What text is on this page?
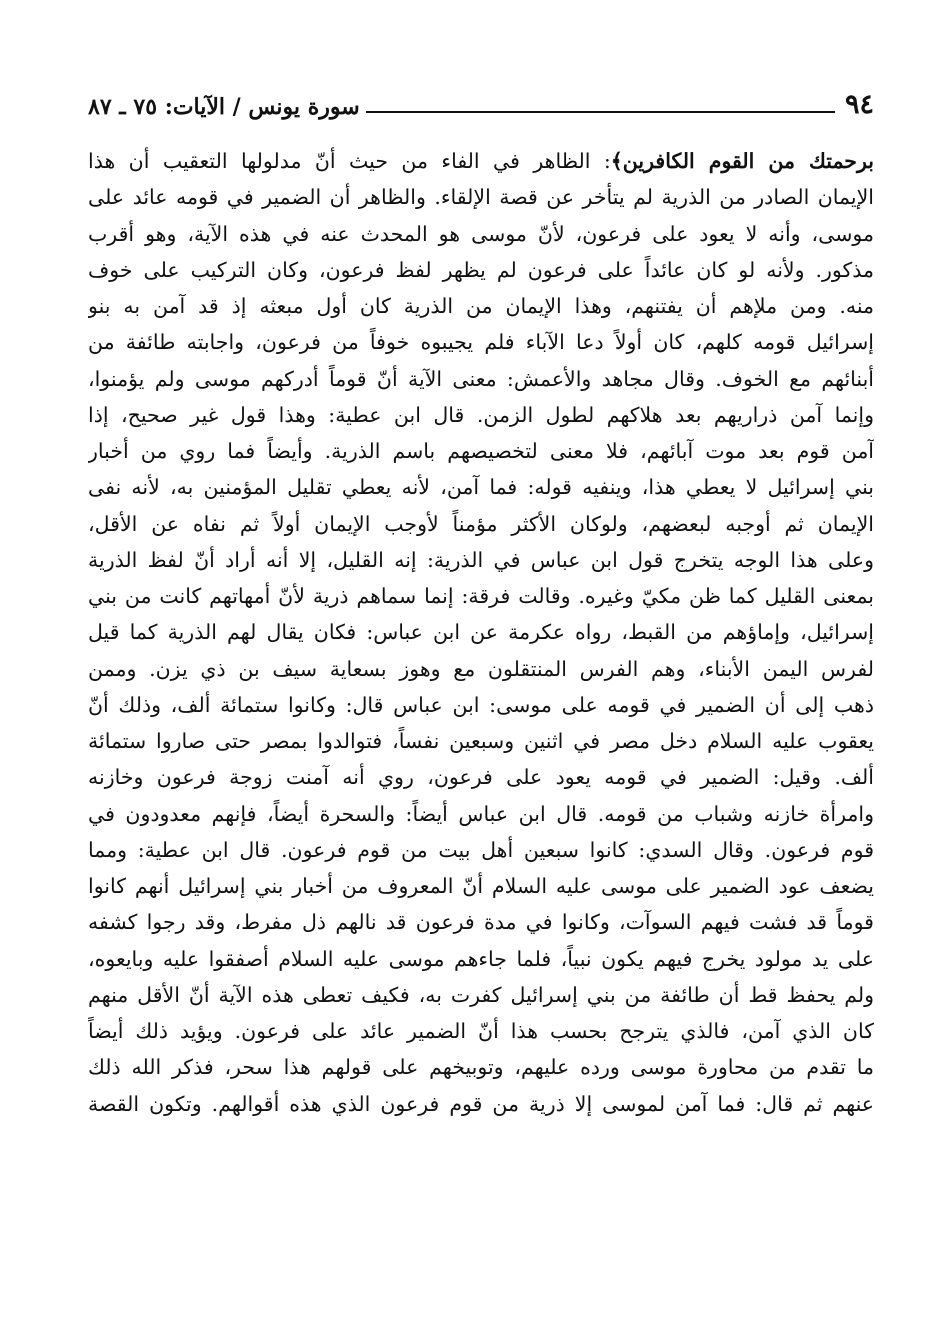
٩٤
سورة يونس / الآيات: ٧٥ ـ ٨٧
برحمتك من القوم الكافرين﴾: الظاهر في الفاء من حيث أنّ مدلولها التعقيب أن هذا
الإيمان الصادر من الذرية لم يتأخر عن قصة الإلقاء. والظاهر أن الضمير في قومه عائد على
موسى، وأنه لا يعود على فرعون، لأنّ موسى هو المحدث عنه في هذه الآية، وهو أقرب
مذكور. ولأنه لو كان عائداً على فرعون لم يظهر لفظ فرعون، وكان التركيب على خوف
منه. ومن ملإهم أن يفتنهم، وهذا الإيمان من الذرية كان أول مبعثه إذ قد آمن به بنو
إسرائيل قومه كلهم، كان أولاً دعا الآباء فلم يجيبوه خوفاً من فرعون، واجابته طائفة من
أبنائهم مع الخوف. وقال مجاهد والأعمش: معنى الآية أنّ قوماً أدركهم موسى ولم يؤمنوا،
وإنما آمن ذراريهم بعد هلاكهم لطول الزمن. قال ابن عطية: وهذا قول غير صحيح، إذا
آمن قوم بعد موت آبائهم، فلا معنى لتخصيصهم باسم الذرية. وأيضاً فما روي من أخبار
بني إسرائيل لا يعطي هذا، وينفيه قوله: فما آمن، لأنه يعطي تقليل المؤمنين به، لأنه نفى
الإيمان ثم أوجبه لبعضهم، ولوكان الأكثر مؤمناً لأوجب الإيمان أولاً ثم نفاه عن الأقل،
وعلى هذا الوجه يتخرج قول ابن عباس في الذرية: إنه القليل، إلا أنه أراد أنّ لفظ الذرية
بمعنى القليل كما ظن مكيّ وغيره. وقالت فرقة: إنما سماهم ذرية لأنّ أمهاتهم كانت من بني
إسرائيل، وإماؤهم من القبط، رواه عكرمة عن ابن عباس: فكان يقال لهم الذرية كما قيل
لفرس اليمن الأبناء، وهم الفرس المنتقلون مع وهوز بسعاية سيف بن ذي يزن. وممن
ذهب إلى أن الضمير في قومه على موسى: ابن عباس قال: وكانوا ستمائة ألف، وذلك أنّ
يعقوب عليه السلام دخل مصر في اثنين وسبعين نفساً، فتوالدوا بمصر حتى صاروا ستمائة
ألف. وقيل: الضمير في قومه يعود على فرعون، روي أنه آمنت زوجة فرعون وخازنه
وامرأة خازنه وشباب من قومه. قال ابن عباس أيضاً: والسحرة أيضاً، فإنهم معدودون في
قوم فرعون. وقال السدي: كانوا سبعين أهل بيت من قوم فرعون. قال ابن عطية: ومما
يضعف عود الضمير على موسى عليه السلام أنّ المعروف من أخبار بني إسرائيل أنهم كانوا
قوماً قد فشت فيهم السوآت، وكانوا في مدة فرعون قد نالهم ذل مفرط، وقد رجوا كشفه
على يد مولود يخرج فيهم يكون نبياً، فلما جاءهم موسى عليه السلام أصفقوا عليه وبايعوه،
ولم يحفظ قط أن طائفة من بني إسرائيل كفرت به، فكيف تعطى هذه الآية أنّ الأقل منهم
كان الذي آمن، فالذي يترجح بحسب هذا أنّ الضمير عائد على فرعون. ويؤيد ذلك أيضاً
ما تقدم من محاورة موسى ورده عليهم، وتوبيخهم على قولهم هذا سحر، فذكر الله ذلك
عنهم ثم قال: فما آمن لموسى إلا ذرية من قوم فرعون الذي هذه أقوالهم. وتكون القصة
